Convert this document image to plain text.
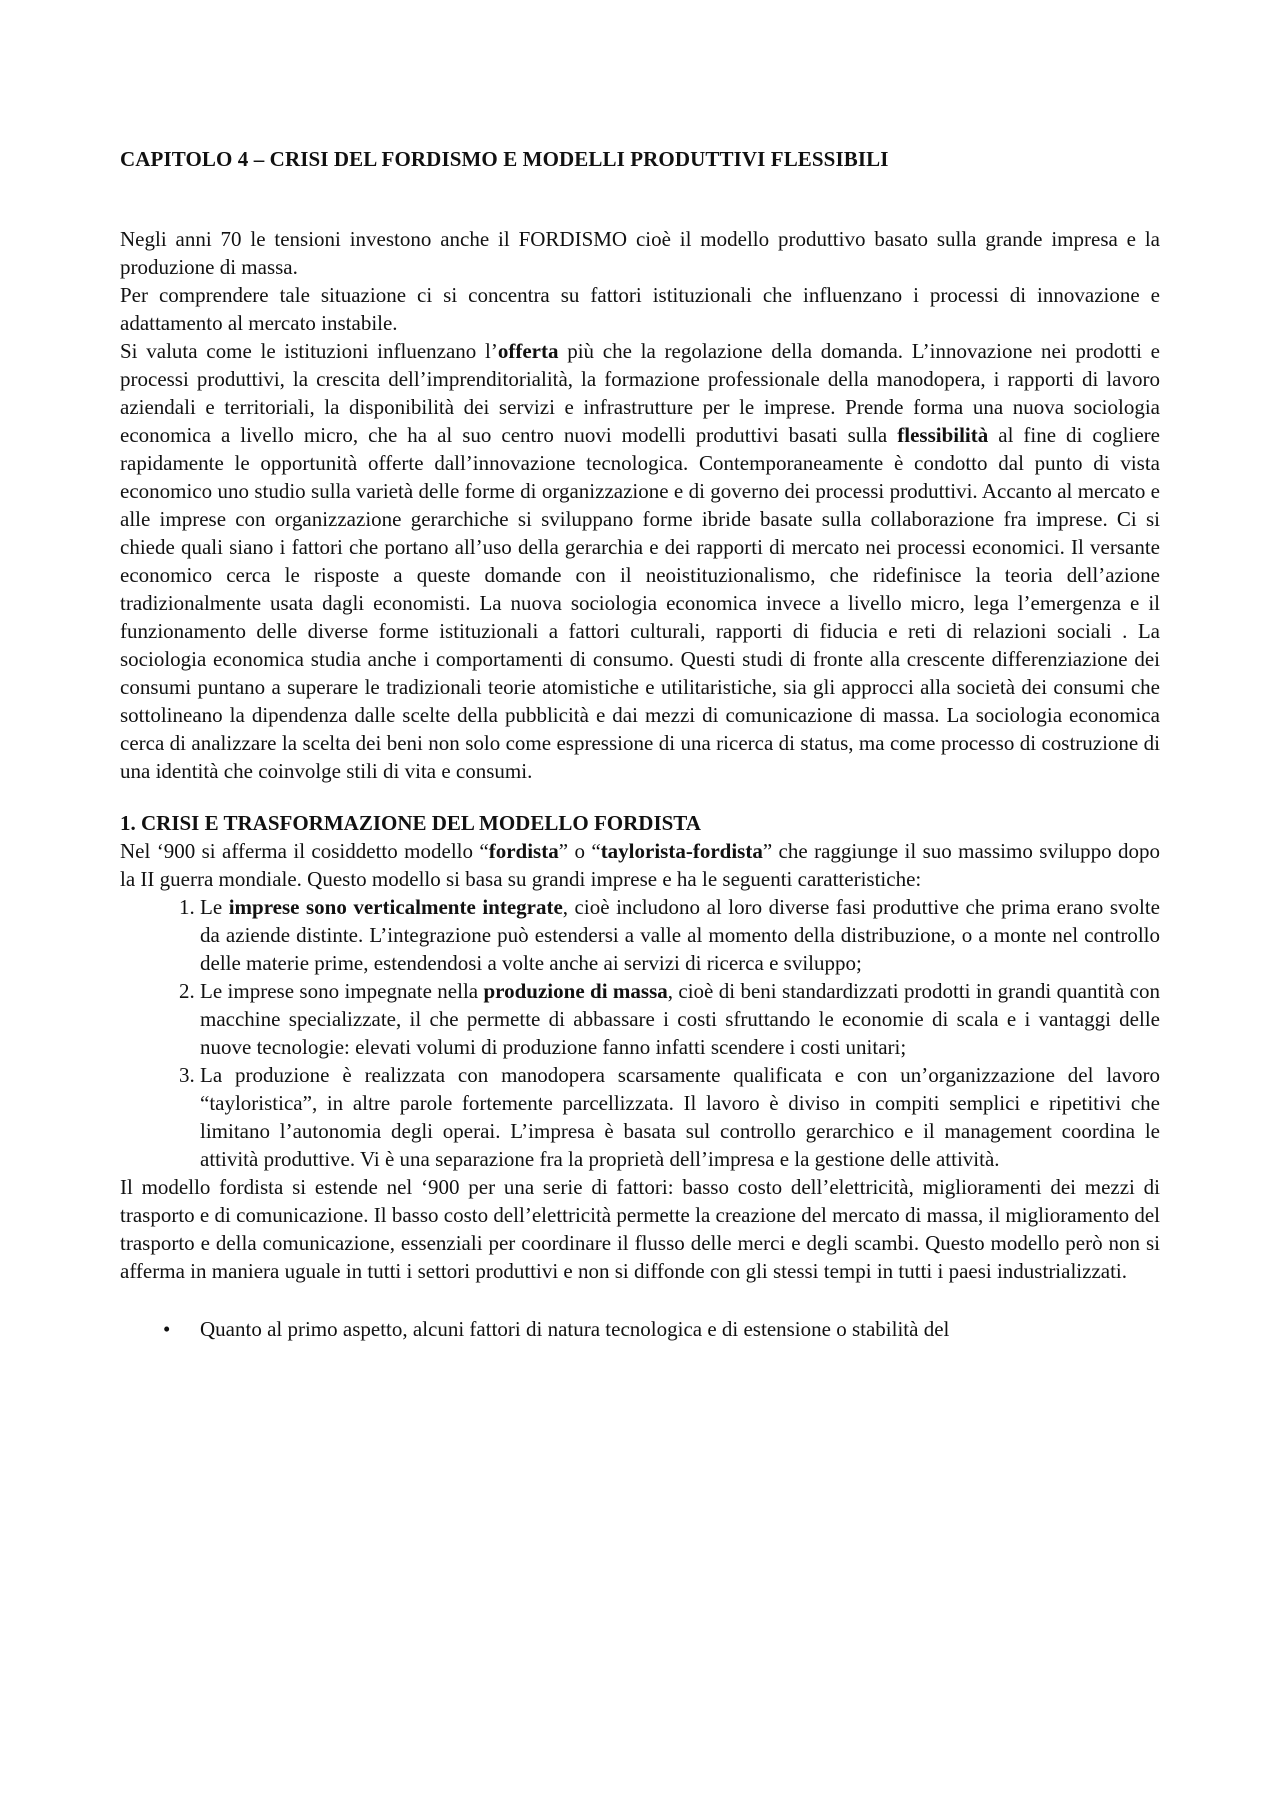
CAPITOLO 4 – CRISI DEL FORDISMO E MODELLI PRODUTTIVI FLESSIBILI

Negli anni 70 le tensioni investono anche il FORDISMO cioè il modello produttivo basato sulla grande impresa e la produzione di massa.

Per comprendere tale situazione ci si concentra su fattori istituzionali che influenzano i processi di innovazione e adattamento al mercato instabile.

Si valuta come le istituzioni influenzano l’offerta più che la regolazione della domanda. L’innovazione nei prodotti e processi produttivi, la crescita dell’imprenditorialità, la formazione professionale della manodopera, i rapporti di lavoro aziendali e territoriali, la disponibilità dei servizi e infrastrutture per le imprese. Prende forma una nuova sociologia economica a livello micro, che ha al suo centro nuovi modelli produttivi basati sulla flessibilità al fine di cogliere rapidamente le opportunità offerte dall’innovazione tecnologica. Contemporaneamente è condotto dal punto di vista economico uno studio sulla varietà delle forme di organizzazione e di governo dei processi produttivi. Accanto al mercato e alle imprese con organizzazione gerarchiche si sviluppano forme ibride basate sulla collaborazione fra imprese. Ci si chiede quali siano i fattori che portano all’uso della gerarchia e dei rapporti di mercato nei processi economici. Il versante economico cerca le risposte a queste domande con il neoistituzionalismo, che ridefinisce la teoria dell’azione tradizionalmente usata dagli economisti. La nuova sociologia economica invece a livello micro, lega l’emergenza e il funzionamento delle diverse forme istituzionali a fattori culturali, rapporti di fiducia e reti di relazioni sociali . La sociologia economica studia anche i comportamenti di consumo. Questi studi di fronte alla crescente differenziazione dei consumi puntano a superare le tradizionali teorie atomistiche e utilitaristiche, sia gli approcci alla società dei consumi che sottolineano la dipendenza dalle scelte della pubblicità e dai mezzi di comunicazione di massa. La sociologia economica cerca di analizzare la scelta dei beni non solo come espressione di una ricerca di status, ma come processo di costruzione di una identità che coinvolge stili di vita e consumi.

1. CRISI E TRASFORMAZIONE DEL MODELLO FORDISTA

Nel ‘900 si afferma il cosiddetto modello “fordista” o “taylorista-fordista” che raggiunge il suo massimo sviluppo dopo la II guerra mondiale. Questo modello si basa su grandi imprese e ha le seguenti caratteristiche:

1. Le imprese sono verticalmente integrate, cioè includono al loro diverse fasi produttive che prima erano svolte da aziende distinte. L’integrazione può estendersi a valle al momento della distribuzione, o a monte nel controllo delle materie prime, estendendosi a volte anche ai servizi di ricerca e sviluppo;
2. Le imprese sono impegnate nella produzione di massa, cioè di beni standardizzati prodotti in grandi quantità con macchine specializzate, il che permette di abbassare i costi sfruttando le economie di scala e i vantaggi delle nuove tecnologie: elevati volumi di produzione fanno infatti scendere i costi unitari;
3. La produzione è realizzata con manodopera scarsamente qualificata e con un’organizzazione del lavoro “tayloristica”, in altre parole fortemente parcellizzata. Il lavoro è diviso in compiti semplici e ripetitivi che limitano l’autonomia degli operai. L’impresa è basata sul controllo gerarchico e il management coordina le attività produttive. Vi è una separazione fra la proprietà dell’impresa e la gestione delle attività.

Il modello fordista si estende nel ‘900 per una serie di fattori: basso costo dell’elettricità, miglioramenti dei mezzi di trasporto e di comunicazione. Il basso costo dell’elettricità permette la creazione del mercato di massa, il miglioramento del trasporto e della comunicazione, essenziali per coordinare il flusso delle merci e degli scambi. Questo modello però non si afferma in maniera uguale in tutti i settori produttivi e non si diffonde con gli stessi tempi in tutti i paesi industrializzati.

• Quanto al primo aspetto, alcuni fattori di natura tecnologica e di estensione o stabilità del
